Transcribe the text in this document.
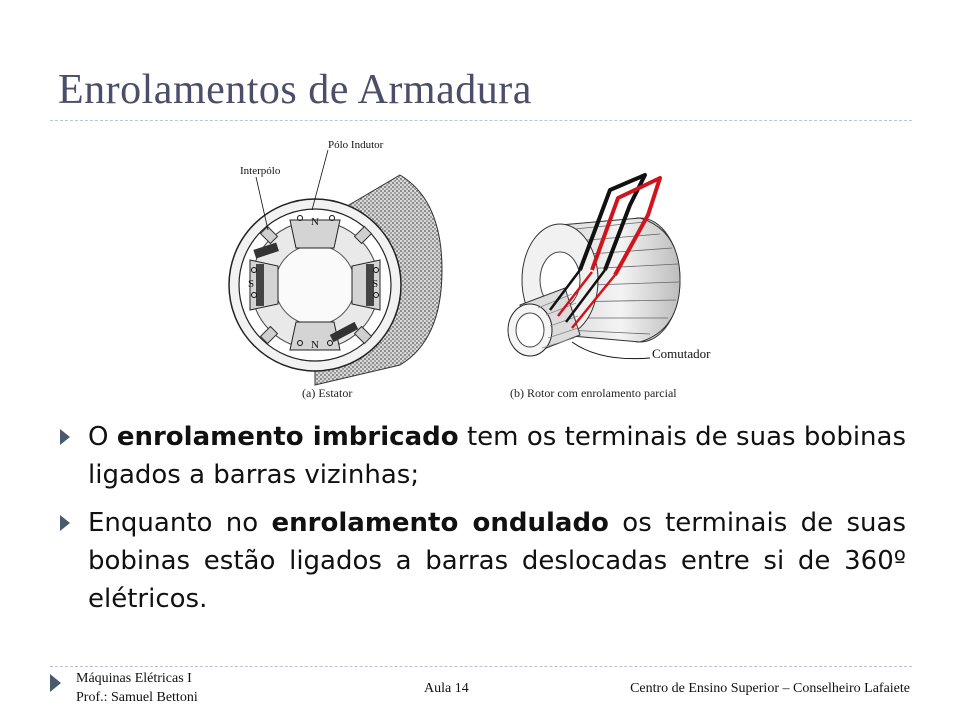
Enrolamentos de Armadura
N
N
S	S
Pólo Indutor
Interpólo
(a) Estator
Comutador
(b) Rotor com enrolamento parcial
O enrolamento imbricado tem os terminais de suas bobinas ligados a barras vizinhas;
Enquanto no enrolamento ondulado os terminais de suas bobinas estão ligados a barras deslocadas entre si de 360º elétricos.
Máquinas Elétricas I
Prof.: Samuel Bettoni
Aula 14	Centro de Ensino Superior – Conselheiro Lafaiete
